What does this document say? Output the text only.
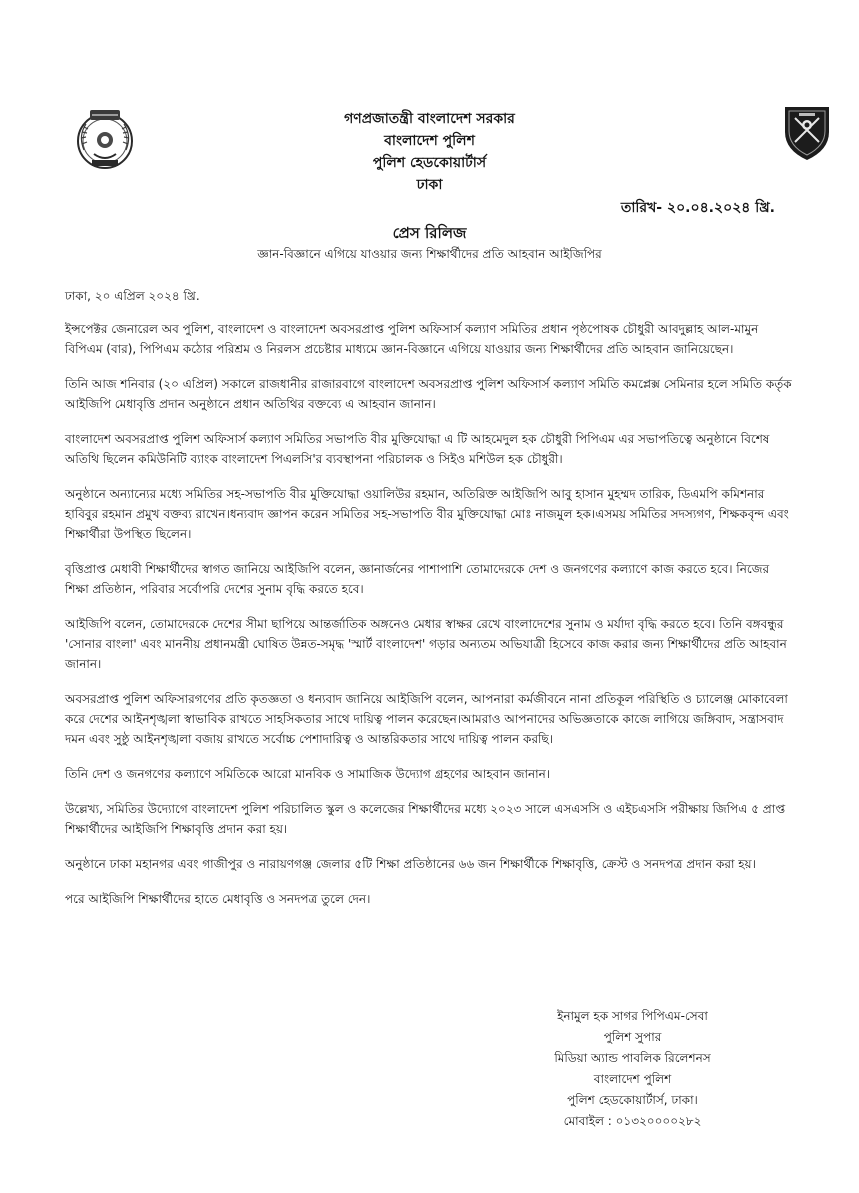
গণপ্রজাতন্ত্রী বাংলাদেশ সরকার
বাংলাদেশ পুলিশ
পুলিশ হেডকোয়ার্টার্স
ঢাকা
তারিখ- ২০.০৪.২০২৪ খ্রি.
প্রেস রিলিজ
জ্ঞান-বিজ্ঞানে এগিয়ে যাওয়ার জন্য শিক্ষার্থীদের প্রতি আহবান আইজিপির

ঢাকা, ২০ এপ্রিল ২০২৪ খ্রি.

ইন্সপেক্টর জেনারেল অব পুলিশ, বাংলাদেশ ও বাংলাদেশ অবসরপ্রাপ্ত পুলিশ অফিসার্স কল্যাণ সমিতির প্রধান পৃষ্ঠপোষক চৌধুরী আবদুল্লাহ আল-মামুন বিপিএম (বার), পিপিএম কঠোর পরিশ্রম ও নিরলস প্রচেষ্টার মাধ্যমে জ্ঞান-বিজ্ঞানে এগিয়ে যাওয়ার জন্য শিক্ষার্থীদের প্রতি আহবান জানিয়েছেন।

তিনি আজ শনিবার (২০ এপ্রিল) সকালে রাজধানীর রাজারবাগে বাংলাদেশ অবসরপ্রাপ্ত পুলিশ অফিসার্স কল্যাণ সমিতি কমপ্লেক্স সেমিনার হলে সমিতি কর্তৃক আইজিপি মেধাবৃত্তি প্রদান অনুষ্ঠানে প্রধান অতিথির বক্তব্যে এ আহবান জানান।

বাংলাদেশ অবসরপ্রাপ্ত পুলিশ অফিসার্স কল্যাণ সমিতির সভাপতি বীর মুক্তিযোদ্ধা এ টি আহমেদুল হক চৌধুরী পিপিএম এর সভাপতিত্বে অনুষ্ঠানে বিশেষ অতিথি ছিলেন কমিউনিটি ব্যাংক বাংলাদেশ পিএলসি'র ব্যবস্থাপনা পরিচালক ও সিইও মশিউল হক চৌধুরী।

অনুষ্ঠানে অন্যান্যের মধ্যে সমিতির সহ-সভাপতি বীর মুক্তিযোদ্ধা ওয়ালিউর রহমান, অতিরিক্ত আইজিপি আবু হাসান মুহম্মদ তারিক, ডিএমপি কমিশনার হাবিবুর রহমান প্রমুখ বক্তব্য রাখেন।ধন্যবাদ জ্ঞাপন করেন সমিতির সহ-সভাপতি বীর মুক্তিযোদ্ধা মোঃ নাজমুল হক।এসময় সমিতির সদস্যগণ, শিক্ষকবৃন্দ এবং শিক্ষার্থীরা উপস্থিত ছিলেন।

বৃত্তিপ্রাপ্ত মেধাবী শিক্ষার্থীদের স্বাগত জানিয়ে আইজিপি বলেন, জ্ঞানার্জনের পাশাপাশি তোমাদেরকে দেশ ও জনগণের কল্যাণে কাজ করতে হবে। নিজের শিক্ষা প্রতিষ্ঠান, পরিবার সর্বোপরি দেশের সুনাম বৃদ্ধি করতে হবে।

আইজিপি বলেন, তোমাদেরকে দেশের সীমা ছাপিয়ে আন্তর্জাতিক অঙ্গনেও মেধার স্বাক্ষর রেখে বাংলাদেশের সুনাম ও মর্যাদা বৃদ্ধি করতে হবে। তিনি বঙ্গবন্ধুর 'সোনার বাংলা' এবং মাননীয় প্রধানমন্ত্রী ঘোষিত উন্নত-সমৃদ্ধ 'স্মার্ট বাংলাদেশ' গড়ার অন্যতম অভিযাত্রী হিসেবে কাজ করার জন্য শিক্ষার্থীদের প্রতি আহবান জানান।

অবসরপ্রাপ্ত পুলিশ অফিসারগণের প্রতি কৃতজ্ঞতা ও ধন্যবাদ জানিয়ে আইজিপি বলেন, আপনারা কর্মজীবনে নানা প্রতিকূল পরিস্থিতি ও চ্যালেঞ্জ মোকাবেলা করে দেশের আইনশৃঙ্খলা স্বাভাবিক রাখতে সাহসিকতার সাথে দায়িত্ব পালন করেছেন।আমরাও আপনাদের অভিজ্ঞতাকে কাজে লাগিয়ে জঙ্গিবাদ, সন্ত্রাসবাদ দমন এবং সুষ্ঠু আইনশৃঙ্খলা বজায় রাখতে সর্বোচ্চ পেশাদারিত্ব ও আন্তরিকতার সাথে দায়িত্ব পালন করছি।

তিনি দেশ ও জনগণের কল্যাণে সমিতিকে আরো মানবিক ও সামাজিক উদ্যোগ গ্রহণের আহবান জানান।

উল্লেখ্য, সমিতির উদ্যোগে বাংলাদেশ পুলিশ পরিচালিত স্কুল ও কলেজের শিক্ষার্থীদের মধ্যে ২০২৩ সালে এসএসসি ও এইচএসসি পরীক্ষায় জিপিএ ৫ প্রাপ্ত শিক্ষার্থীদের আইজিপি শিক্ষাবৃত্তি প্রদান করা হয়।

অনুষ্ঠানে ঢাকা মহানগর এবং গাজীপুর ও নারায়ণগঞ্জ জেলার ৫টি শিক্ষা প্রতিষ্ঠানের ৬৬ জন শিক্ষার্থীকে শিক্ষাবৃত্তি, ক্রেস্ট ও সনদপত্র প্রদান করা হয়।

পরে আইজিপি শিক্ষার্থীদের হাতে মেধাবৃত্তি ও সনদপত্র তুলে দেন।

ইনামুল হক সাগর পিপিএম-সেবা
পুলিশ সুপার
মিডিয়া অ্যান্ড পাবলিক রিলেশনস
বাংলাদেশ পুলিশ
পুলিশ হেডকোয়ার্টার্স, ঢাকা।
মোবাইল : ০১৩২০০০০২৮২
